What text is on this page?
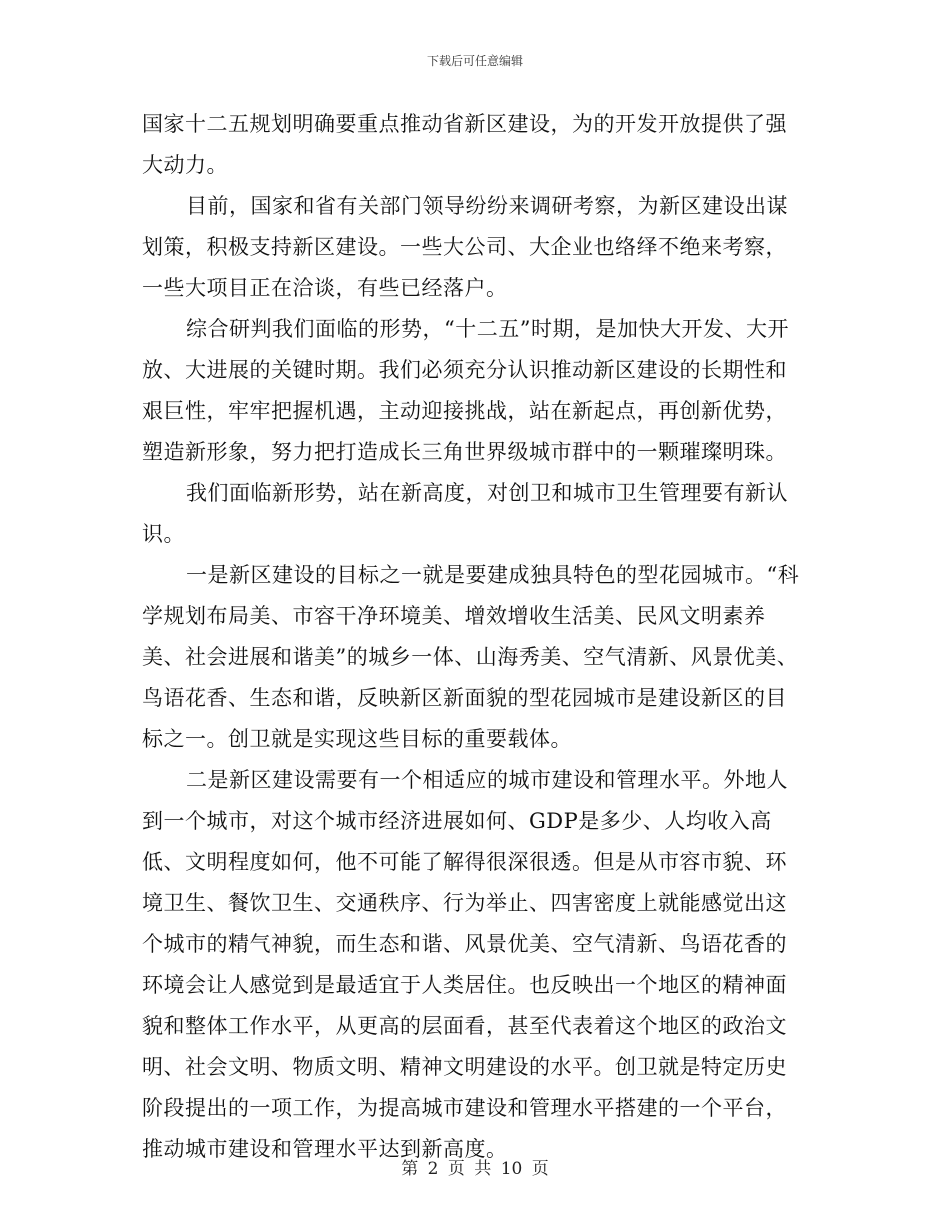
下载后可任意编辑

国家十二五规划明确要重点推动省新区建设，为的开发开放提供了强大动力。

目前，国家和省有关部门领导纷纷来调研考察，为新区建设出谋划策，积极支持新区建设。一些大公司、大企业也络绎不绝来考察，一些大项目正在洽谈，有些已经落户。

综合研判我们面临的形势，“十二五”时期，是加快大开发、大开放、大进展的关键时期。我们必须充分认识推动新区建设的长期性和艰巨性，牢牢把握机遇，主动迎接挑战，站在新起点，再创新优势，塑造新形象，努力把打造成长三角世界级城市群中的一颗璀璨明珠。

我们面临新形势，站在新高度，对创卫和城市卫生管理要有新认识。

一是新区建设的目标之一就是要建成独具特色的型花园城市。“科学规划布局美、市容干净环境美、增效增收生活美、民风文明素养美、社会进展和谐美”的城乡一体、山海秀美、空气清新、风景优美、鸟语花香、生态和谐，反映新区新面貌的型花园城市是建设新区的目标之一。创卫就是实现这些目标的重要载体。

二是新区建设需要有一个相适应的城市建设和管理水平。外地人到一个城市，对这个城市经济进展如何、GDP是多少、人均收入高低、文明程度如何，他不可能了解得很深很透。但是从市容市貌、环境卫生、餐饮卫生、交通秩序、行为举止、四害密度上就能感觉出这个城市的精气神貌，而生态和谐、风景优美、空气清新、鸟语花香的环境会让人感觉到是最适宜于人类居住。也反映出一个地区的精神面貌和整体工作水平，从更高的层面看，甚至代表着这个地区的政治文明、社会文明、物质文明、精神文明建设的水平。创卫就是特定历史阶段提出的一项工作，为提高城市建设和管理水平搭建的一个平台，推动城市建设和管理水平达到新高度。

第 2 页 共 10 页
